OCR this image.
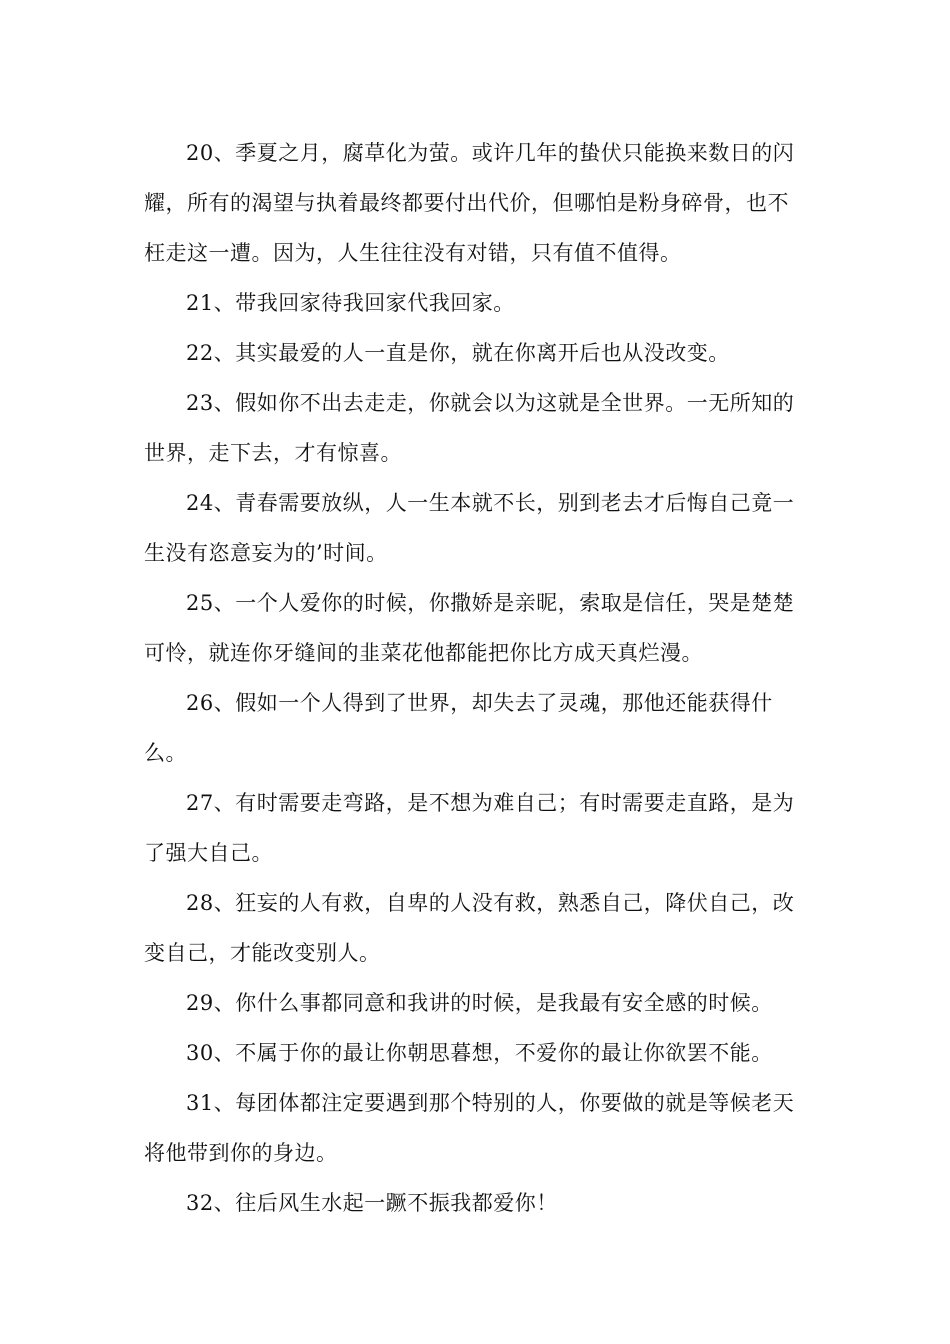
20、季夏之月，腐草化为萤。或许几年的蛰伏只能换来数日的闪耀，所有的渴望与执着最终都要付出代价，但哪怕是粉身碎骨，也不枉走这一遭。因为，人生往往没有对错，只有值不值得。

21、带我回家待我回家代我回家。

22、其实最爱的人一直是你，就在你离开后也从没改变。

23、假如你不出去走走，你就会以为这就是全世界。一无所知的世界，走下去，才有惊喜。

24、青春需要放纵，人一生本就不长，别到老去才后悔自己竟一生没有恣意妄为的’时间。

25、一个人爱你的时候，你撒娇是亲昵，索取是信任，哭是楚楚可怜，就连你牙缝间的韭菜花他都能把你比方成天真烂漫。

26、假如一个人得到了世界，却失去了灵魂，那他还能获得什么。

27、有时需要走弯路，是不想为难自己；有时需要走直路，是为了强大自己。

28、狂妄的人有救，自卑的人没有救，熟悉自己，降伏自己，改变自己，才能改变别人。

29、你什么事都同意和我讲的时候，是我最有安全感的时候。

30、不属于你的最让你朝思暮想，不爱你的最让你欲罢不能。

31、每团体都注定要遇到那个特别的人，你要做的就是等候老天将他带到你的身边。

32、往后风生水起一蹶不振我都爱你！
